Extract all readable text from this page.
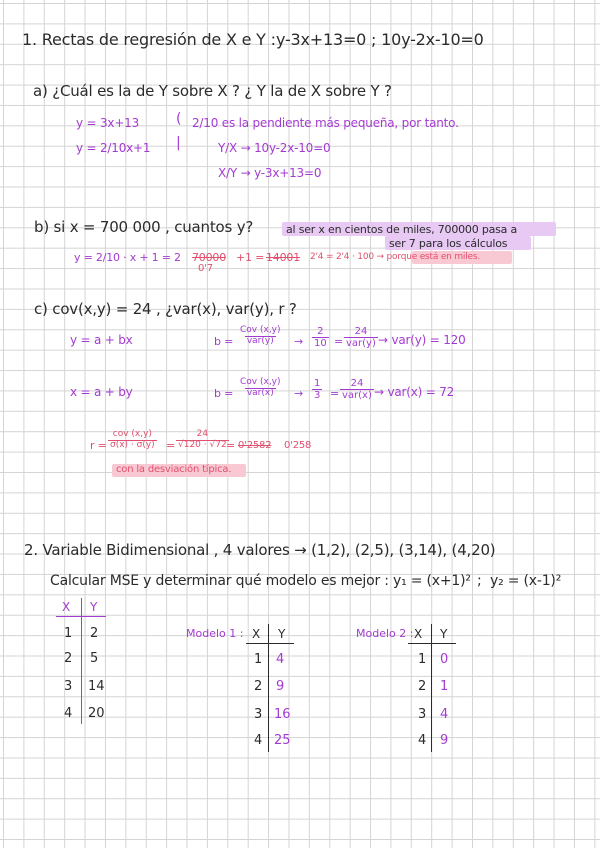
1. Rectas de regresión de X e Y : y-3x+13=0 ; 10y-2x-10=0
a) ¿Cuál es la de Y sobre X ? ¿ Y la de X sobre Y ?
y = 3x+13
y = 2/10x+1
(
|
2/10 es la pendiente más pequeña, por tanto.
Y/X → 10y-2x-10=0
X/Y → y-3x+13=0
b) si x = 700 000 , cuantos y?	al ser x en cientos de miles, 700000 pasa a
ser 7 para los cálculos
y = 2/10 · x + 1 = 2 70000 +1 = 14001 2'4 = 2'4 · 100 → porque está en miles.
0'7
c) cov(x,y) = 24 , ¿var(x), var(y), r ?
y = a + bx	b =
Cov (x,y)
$var(y) \to \frac{2}{10}$ =
24
var(y) → var(y) = 120
x = a + by	b =
Cov (x,y)
$var(x) \to \frac{1}{3}$ =
24
var(x) → var(x) = 72
r =
cov (x,y)
$\sigma(x) \cdot \sigma(y) = \frac{24}{√120 \cdot √72}$
= 0'2582 0'258
con la desviación típica.
2. Variable Bidimensional , 4 valores → (1,2), (2,5), (3,14), (4,20)
Calcular MSE y determinar qué modelo es mejor : y₁ = (x+1)² ; y₂ = (x-1)²
X Y
1 2
2 5
3 14
4 20
Modelo 1 : X Y
1 4
2 9
3 16
4 25
Modelo 2 : X Y
1 0
2 1
3 4
4 9
